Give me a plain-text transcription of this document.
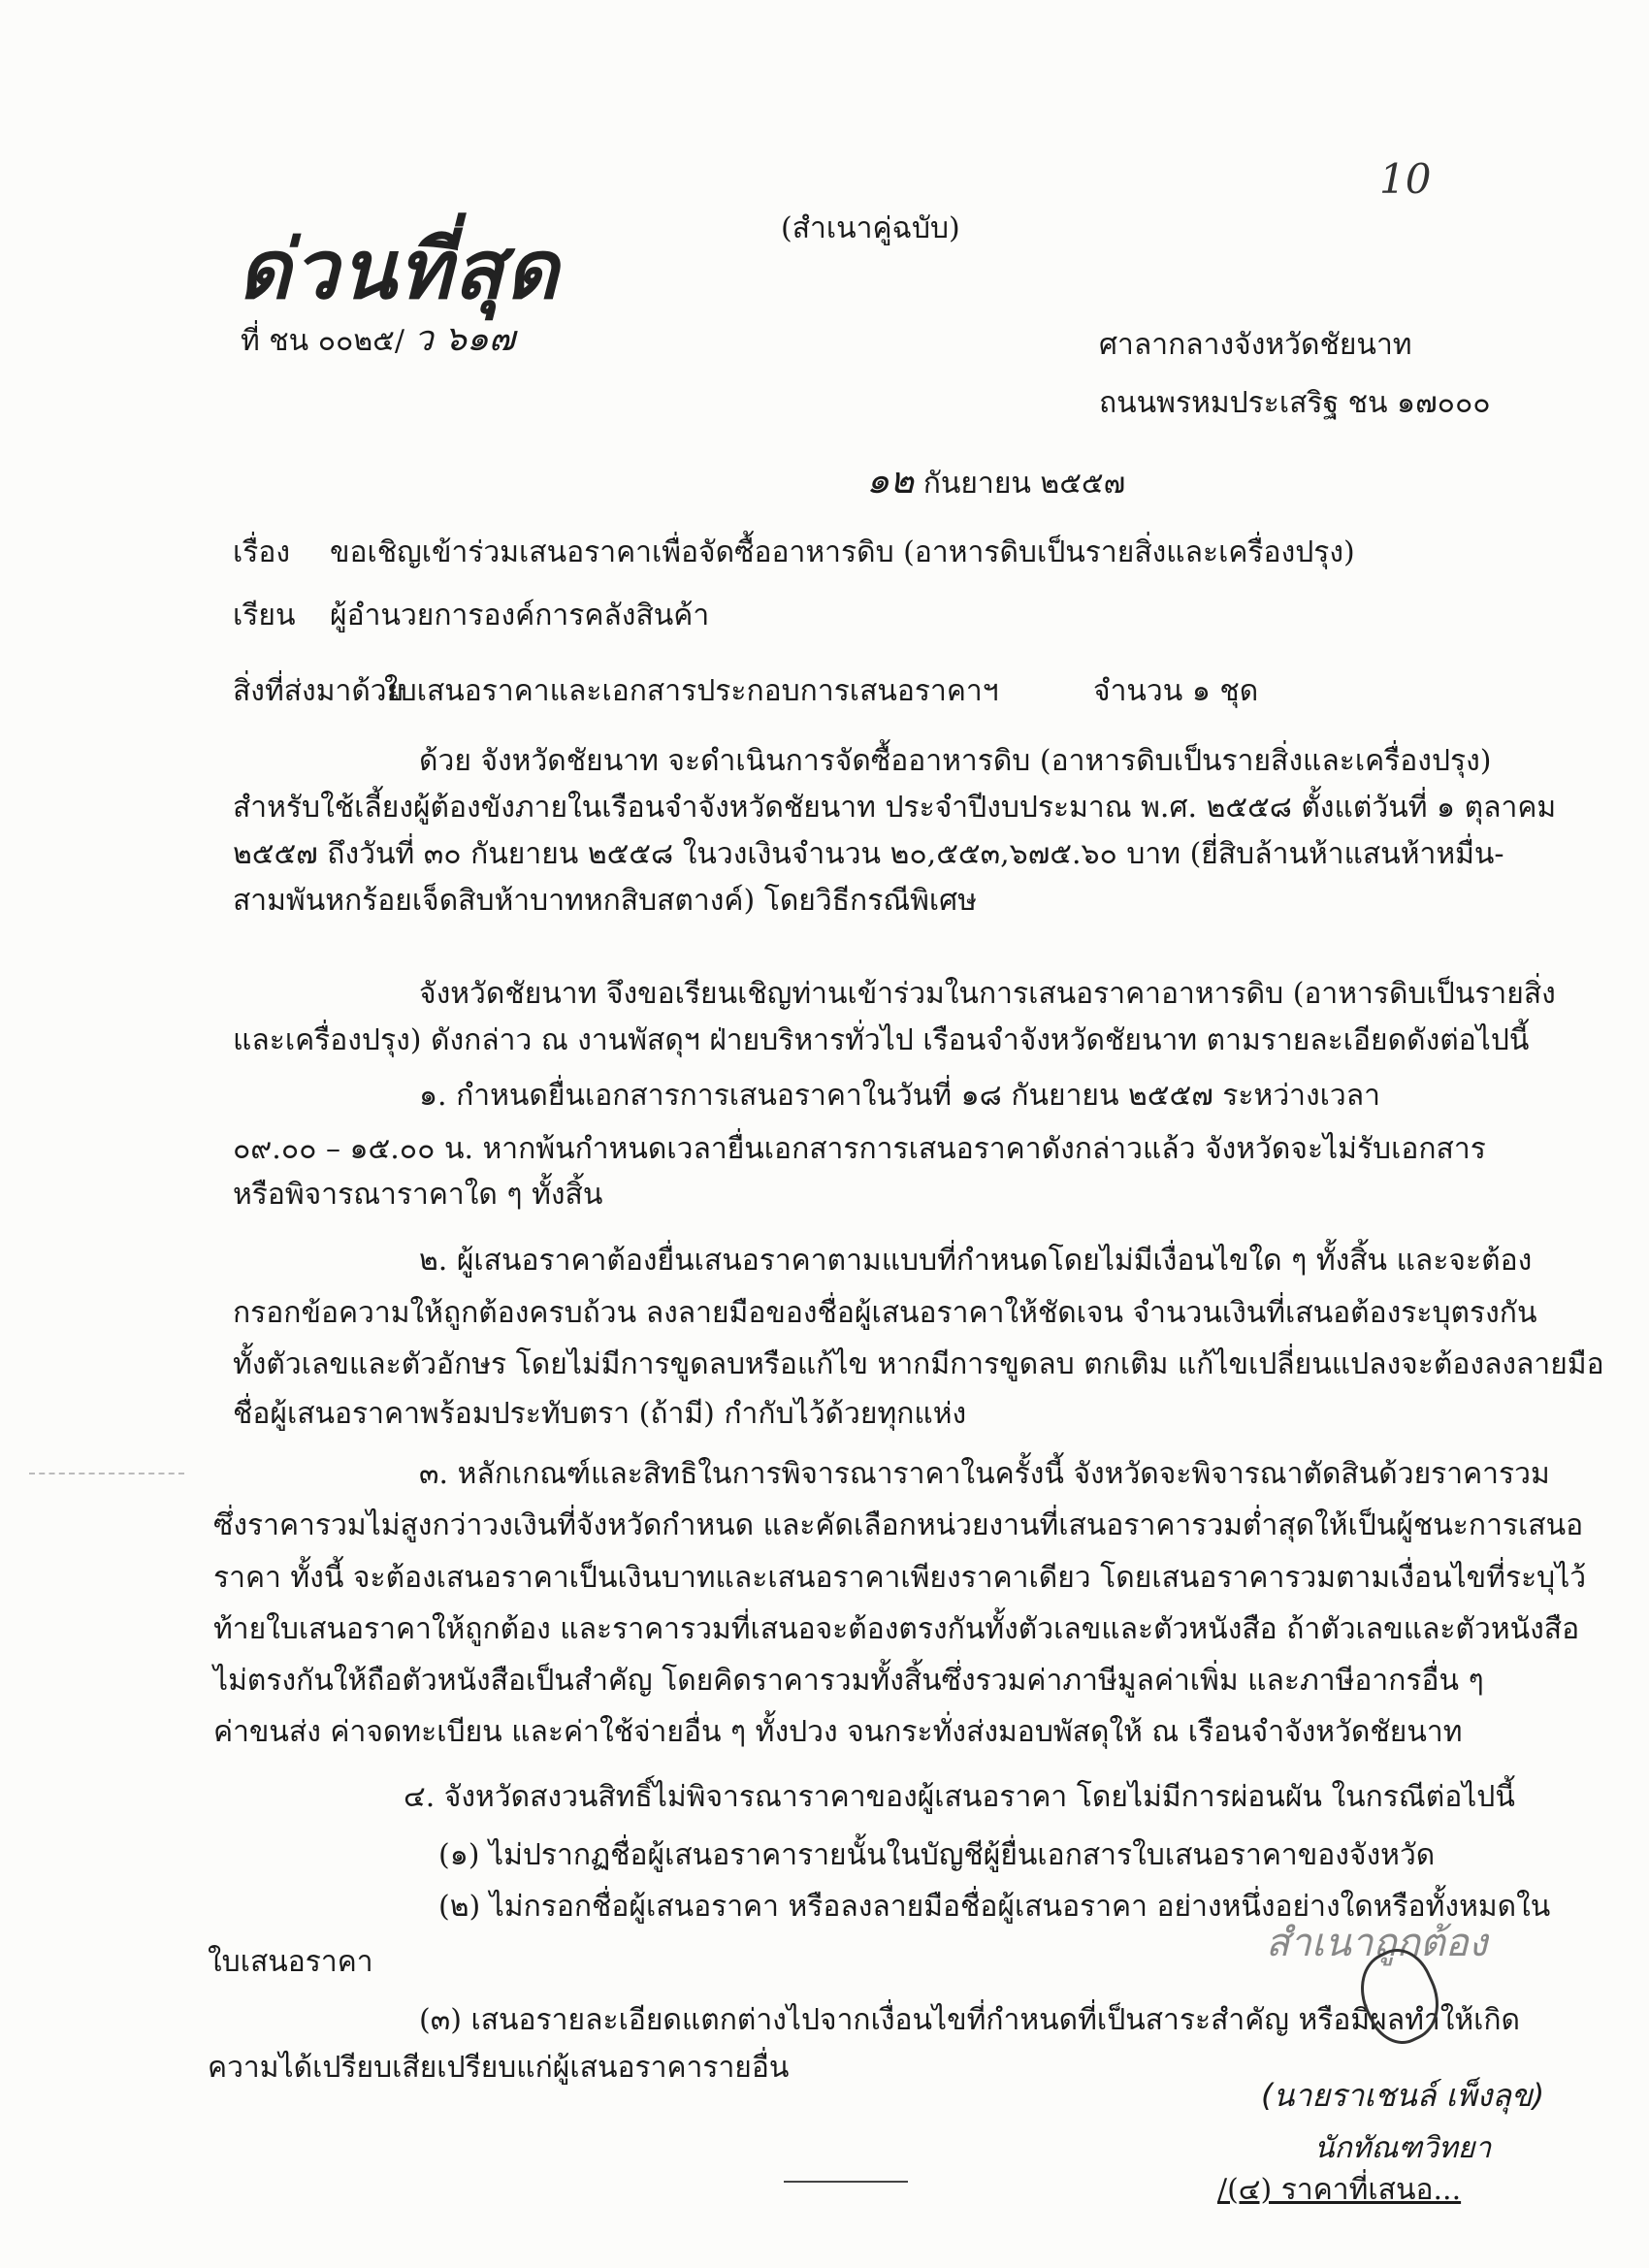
10
ด่วนที่สุด	(สำเนาคู่ฉบับ)
ที่ ชน ๐๐๒๕/ ว ๖๑๗	ศาลากลางจังหวัดชัยนาท
ถนนพรหมประเสริฐ ชน ๑๗๐๐๐
๑๒ กันยายน ๒๕๕๗
เรื่อง ขอเชิญเข้าร่วมเสนอราคาเพื่อจัดซื้ออาหารดิบ (อาหารดิบเป็นรายสิ่งและเครื่องปรุง)
เรียน ผู้อำนวยการองค์การคลังสินค้า
สิ่งที่ส่งมาด้วย
ใบเสนอราคาและเอกสารประกอบการเสนอราคาฯ	จำนวน ๑ ชุด
ด้วย จังหวัดชัยนาท จะดำเนินการจัดซื้ออาหารดิบ (อาหารดิบเป็นรายสิ่งและเครื่องปรุง)
สำหรับใช้เลี้ยงผู้ต้องขังภายในเรือนจำจังหวัดชัยนาท ประจำปีงบประมาณ พ.ศ. ๒๕๕๘ ตั้งแต่วันที่ ๑ ตุลาคม
๒๕๕๗ ถึงวันที่ ๓๐ กันยายน ๒๕๕๘ ในวงเงินจำนวน ๒๐,๕๕๓,๖๗๕.๖๐ บาท (ยี่สิบล้านห้าแสนห้าหมื่น-
สามพันหกร้อยเจ็ดสิบห้าบาทหกสิบสตางค์) โดยวิธีกรณีพิเศษ
จังหวัดชัยนาท จึงขอเรียนเชิญท่านเข้าร่วมในการเสนอราคาอาหารดิบ (อาหารดิบเป็นรายสิ่ง
และเครื่องปรุง) ดังกล่าว ณ งานพัสดุฯ ฝ่ายบริหารทั่วไป เรือนจำจังหวัดชัยนาท ตามรายละเอียดดังต่อไปนี้
๑. กำหนดยื่นเอกสารการเสนอราคาในวันที่ ๑๘ กันยายน ๒๕๕๗ ระหว่างเวลา
๐๙.๐๐ – ๑๕.๐๐ น. หากพ้นกำหนดเวลายื่นเอกสารการเสนอราคาดังกล่าวแล้ว จังหวัดจะไม่รับเอกสาร
หรือพิจารณาราคาใด ๆ ทั้งสิ้น
๒. ผู้เสนอราคาต้องยื่นเสนอราคาตามแบบที่กำหนดโดยไม่มีเงื่อนไขใด ๆ ทั้งสิ้น และจะต้อง
กรอกข้อความให้ถูกต้องครบถ้วน ลงลายมือของชื่อผู้เสนอราคาให้ชัดเจน จำนวนเงินที่เสนอต้องระบุตรงกัน
ทั้งตัวเลขและตัวอักษร โดยไม่มีการขูดลบหรือแก้ไข หากมีการขูดลบ ตกเติม แก้ไขเปลี่ยนแปลงจะต้องลงลายมือ
ชื่อผู้เสนอราคาพร้อมประทับตรา (ถ้ามี) กำกับไว้ด้วยทุกแห่ง
๓. หลักเกณฑ์และสิทธิในการพิจารณาราคาในครั้งนี้ จังหวัดจะพิจารณาตัดสินด้วยราคารวม
ซึ่งราคารวมไม่สูงกว่าวงเงินที่จังหวัดกำหนด และคัดเลือกหน่วยงานที่เสนอราคารวมต่ำสุดให้เป็นผู้ชนะการเสนอ
ราคา ทั้งนี้ จะต้องเสนอราคาเป็นเงินบาทและเสนอราคาเพียงราคาเดียว โดยเสนอราคารวมตามเงื่อนไขที่ระบุไว้
ท้ายใบเสนอราคาให้ถูกต้อง และราคารวมที่เสนอจะต้องตรงกันทั้งตัวเลขและตัวหนังสือ ถ้าตัวเลขและตัวหนังสือ
ไม่ตรงกันให้ถือตัวหนังสือเป็นสำคัญ โดยคิดราคารวมทั้งสิ้นซึ่งรวมค่าภาษีมูลค่าเพิ่ม และภาษีอากรอื่น ๆ
ค่าขนส่ง ค่าจดทะเบียน และค่าใช้จ่ายอื่น ๆ ทั้งปวง จนกระทั่งส่งมอบพัสดุให้ ณ เรือนจำจังหวัดชัยนาท
๔. จังหวัดสงวนสิทธิ์ไม่พิจารณาราคาของผู้เสนอราคา โดยไม่มีการผ่อนผัน ในกรณีต่อไปนี้
(๑) ไม่ปรากฏชื่อผู้เสนอราคารายนั้นในบัญชีผู้ยื่นเอกสารใบเสนอราคาของจังหวัด
(๒) ไม่กรอกชื่อผู้เสนอราคา หรือลงลายมือชื่อผู้เสนอราคา อย่างหนึ่งอย่างใดหรือทั้งหมดใน
ใบเสนอราคา
(๓) เสนอรายละเอียดแตกต่างไปจากเงื่อนไขที่กำหนดที่เป็นสาระสำคัญ หรือมีผลทำให้เกิด
ความได้เปรียบเสียเปรียบแก่ผู้เสนอราคารายอื่น
สำเนาถูกต้อง
(นายราเชนล์ เพ็งลุข)
นักทัณฑวิทยา
/(๔) ราคาที่เสนอ...
